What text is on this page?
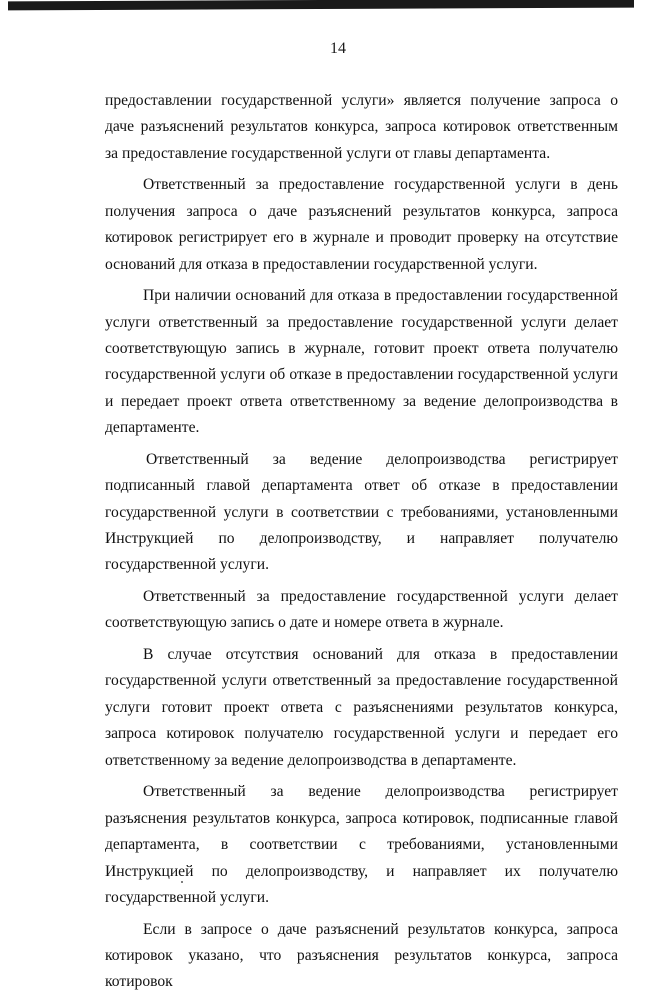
14

предоставлении государственной услуги» является получение запроса о даче разъяснений результатов конкурса, запроса котировок ответственным за предоставление государственной услуги от главы департамента.

Ответственный за предоставление государственной услуги в день получения запроса о даче разъяснений результатов конкурса, запроса котировок регистрирует его в журнале и проводит проверку на отсутствие оснований для отказа в предоставлении государственной услуги.

При наличии оснований для отказа в предоставлении государственной услуги ответственный за предоставление государственной услуги делает соответствующую запись в журнале, готовит проект ответа получателю государственной услуги об отказе в предоставлении государственной услуги и передает проект ответа ответственному за ведение делопроизводства в департаменте.

Ответственный за ведение делопроизводства регистрирует подписанный главой департамента ответ об отказе в предоставлении государственной услуги в соответствии с требованиями, установленными Инструкцией по делопроизводству, и направляет получателю государственной услуги.

Ответственный за предоставление государственной услуги делает соответствующую запись о дате и номере ответа в журнале.

В случае отсутствия оснований для отказа в предоставлении государственной услуги ответственный за предоставление государственной услуги готовит проект ответа с разъяснениями результатов конкурса, запроса котировок получателю государственной услуги и передает его ответственному за ведение делопроизводства в департаменте.

Ответственный за ведение делопроизводства регистрирует разъяснения результатов конкурса, запроса котировок, подписанные главой департамента, в соответствии с требованиями, установленными Инструкцией по делопроизводству, и направляет их получателю государственной услуги.

Если в запросе о даче разъяснений результатов конкурса, запроса котировок указано, что разъяснения результатов конкурса, запроса котировок
